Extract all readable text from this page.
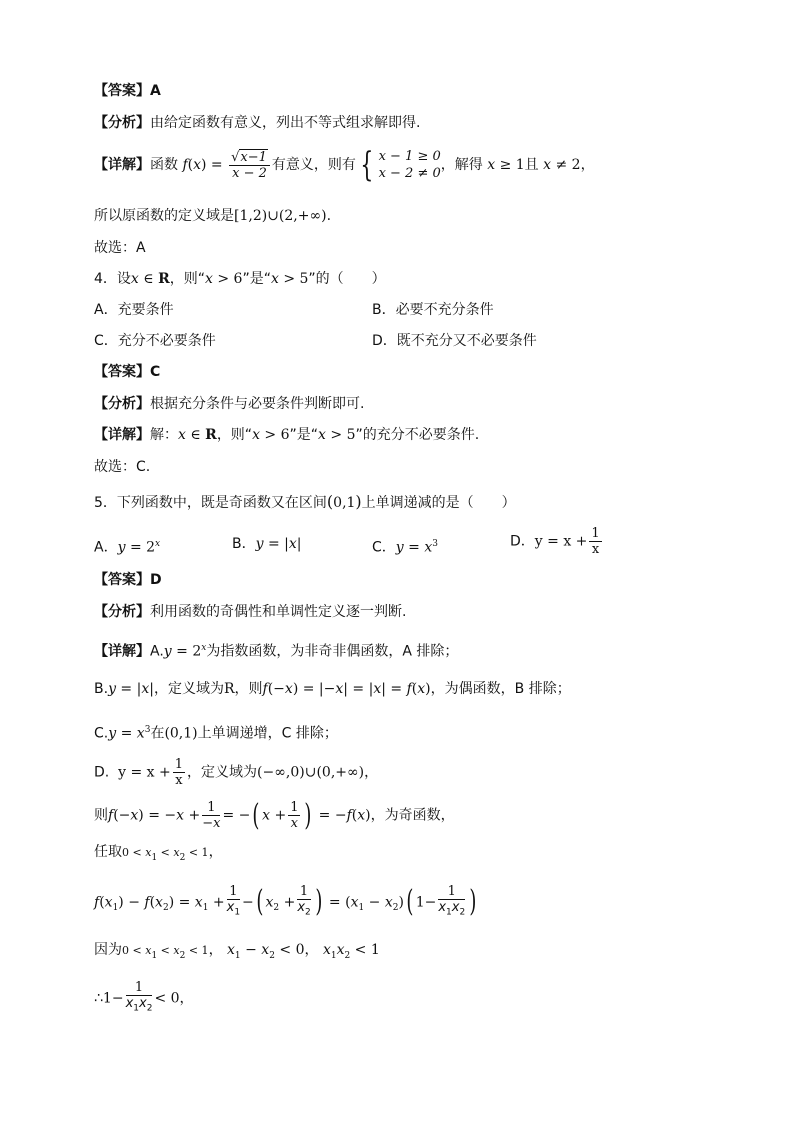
【答案】A
【分析】由给定函数有意义，列出不等式组求解即得.
【详解】函数 $f(x) = \frac{√x-1}{x - 2}$ 有意义，则有 { x − 1 ≥ 0
x − 2 ≠ 0
，解得 x ≥ 1且 x ≠ 2，
所以原函数的定义域是[1,2)∪(2,+∞).
故选：A
4．设x ∈ R，则“x > 6”是“x > 5”的（　　）
A．充要条件	B．必要不充分条件
C．充分不必要条件	D．既不充分又不必要条件
【答案】C
【分析】根据充分条件与必要条件判断即可.
【详解】解：x ∈ R，则“x > 6”是“x > 5”的充分不必要条件.
故选：C.
5．下列函数中，既是奇函数又在区间(0,1)上单调递减的是（　　）
A．$y = 2^x$	B．y = |x|	C．$y = x^3$	D．$y = x + \frac{1}{x}$
【答案】D
【分析】利用函数的奇偶性和单调性定义逐一判断.
【详解】$A.y = 2^x$为指数函数，为非奇非偶函数，A 排除；
B.y = |x|，定义域为R，则f(−x) = |−x| = |x| = f(x)，为偶函数，B 排除；
$C.y = x^3$在(0,1)上单调递增，C 排除；
D. $y = x + \frac{1}{x}$ ，定义域为(−∞,0)∪(0,+∞)，
则$f(-x) = -x + \frac{1}{-x}$ = −( $x + \frac{1}{x}$ ) = −f(x)，为奇函数，
任取$0 < x_1 < x_2 < 1$，
$f(x_1) - f(x_2) = x_1 + \frac{1}{x_1}$ −( $x_2 + \frac{1}{x_2}$ ) = $(x_1 - x_2)$( $1- \frac{1}{x_1x_2}$ )
因为$0 < x_1 < x_2 < 1$， $x_1 - x_2 < 0$， $x_1x_2 < 1$
∴1− $\frac{1}{x_1x_2} < 0$，
